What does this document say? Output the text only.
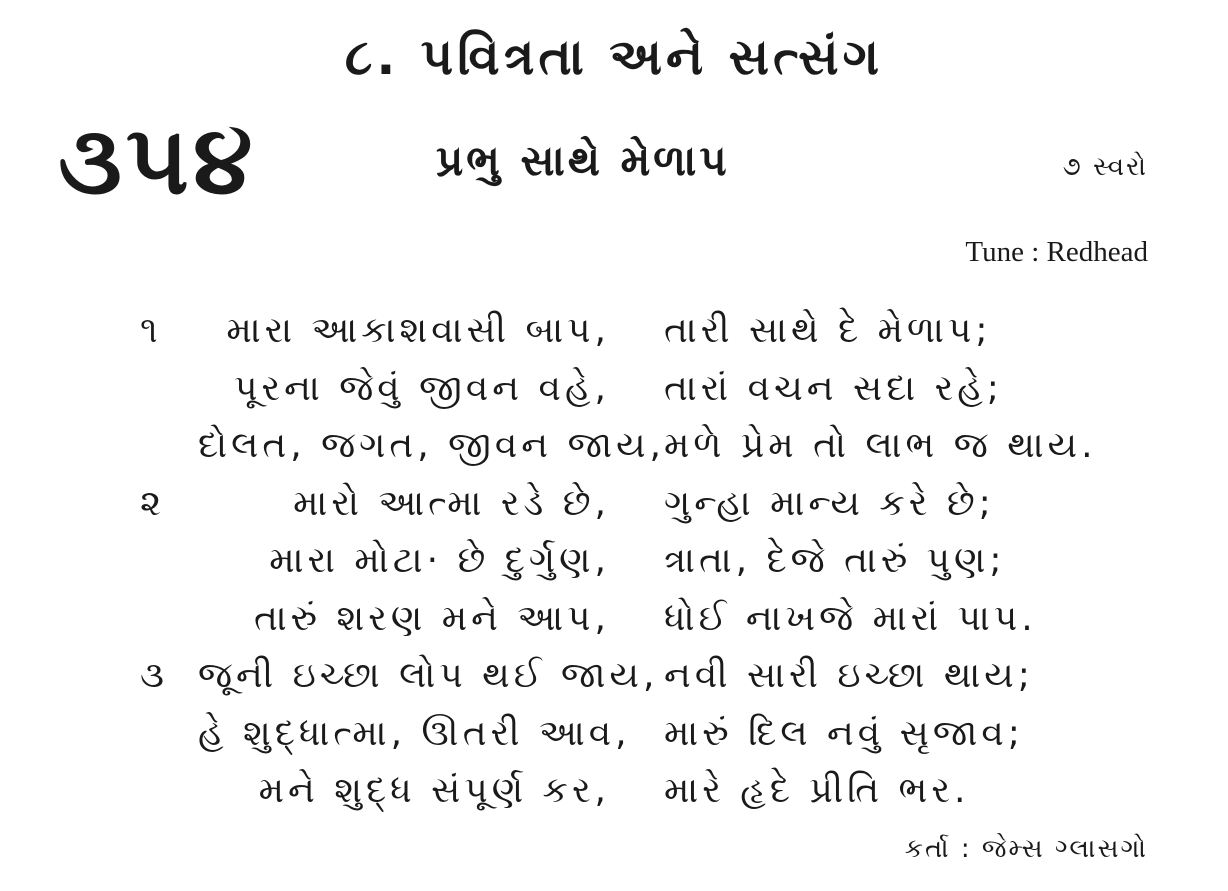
૮. પવિત્રતા અને સત્સંગ
૩૫૪	પ્રભુ સાથે મેળાપ	૭ સ્વરો
Tune : Redhead
૧	મારા આકાશવાસી બાપ, તારી સાથે દે મેળાપ;
પૂરના જેવું જીવન વહે, તારાં વચન સદા રહે;
દોલત, જગત, જીવન જાય, મળે પ્રેમ તો લાભ જ થાય.
૨	મારો આત્મા રડે છે, ગુન્હા માન્ય કરે છે;
મારા મોટા· છે દુર્ગુણ, ત્રાતા, દેજે તારું પુણ;
તારું શરણ મને આપ, ધોઈ નાખજે મારાં પાપ.
૩ જૂની ઇચ્છા લોપ થઈ જાય, નવી સારી ઇચ્છા થાય;
હે શુદ્ધાત્મા, ઊતરી આવ, મારું દિલ નવું સૃજાવ;
મને શુદ્ધ સંપૂર્ણ કર, મારે હૃદે પ્રીતિ ભર.
કર્તા : જેમ્સ ગ્લાસગો
